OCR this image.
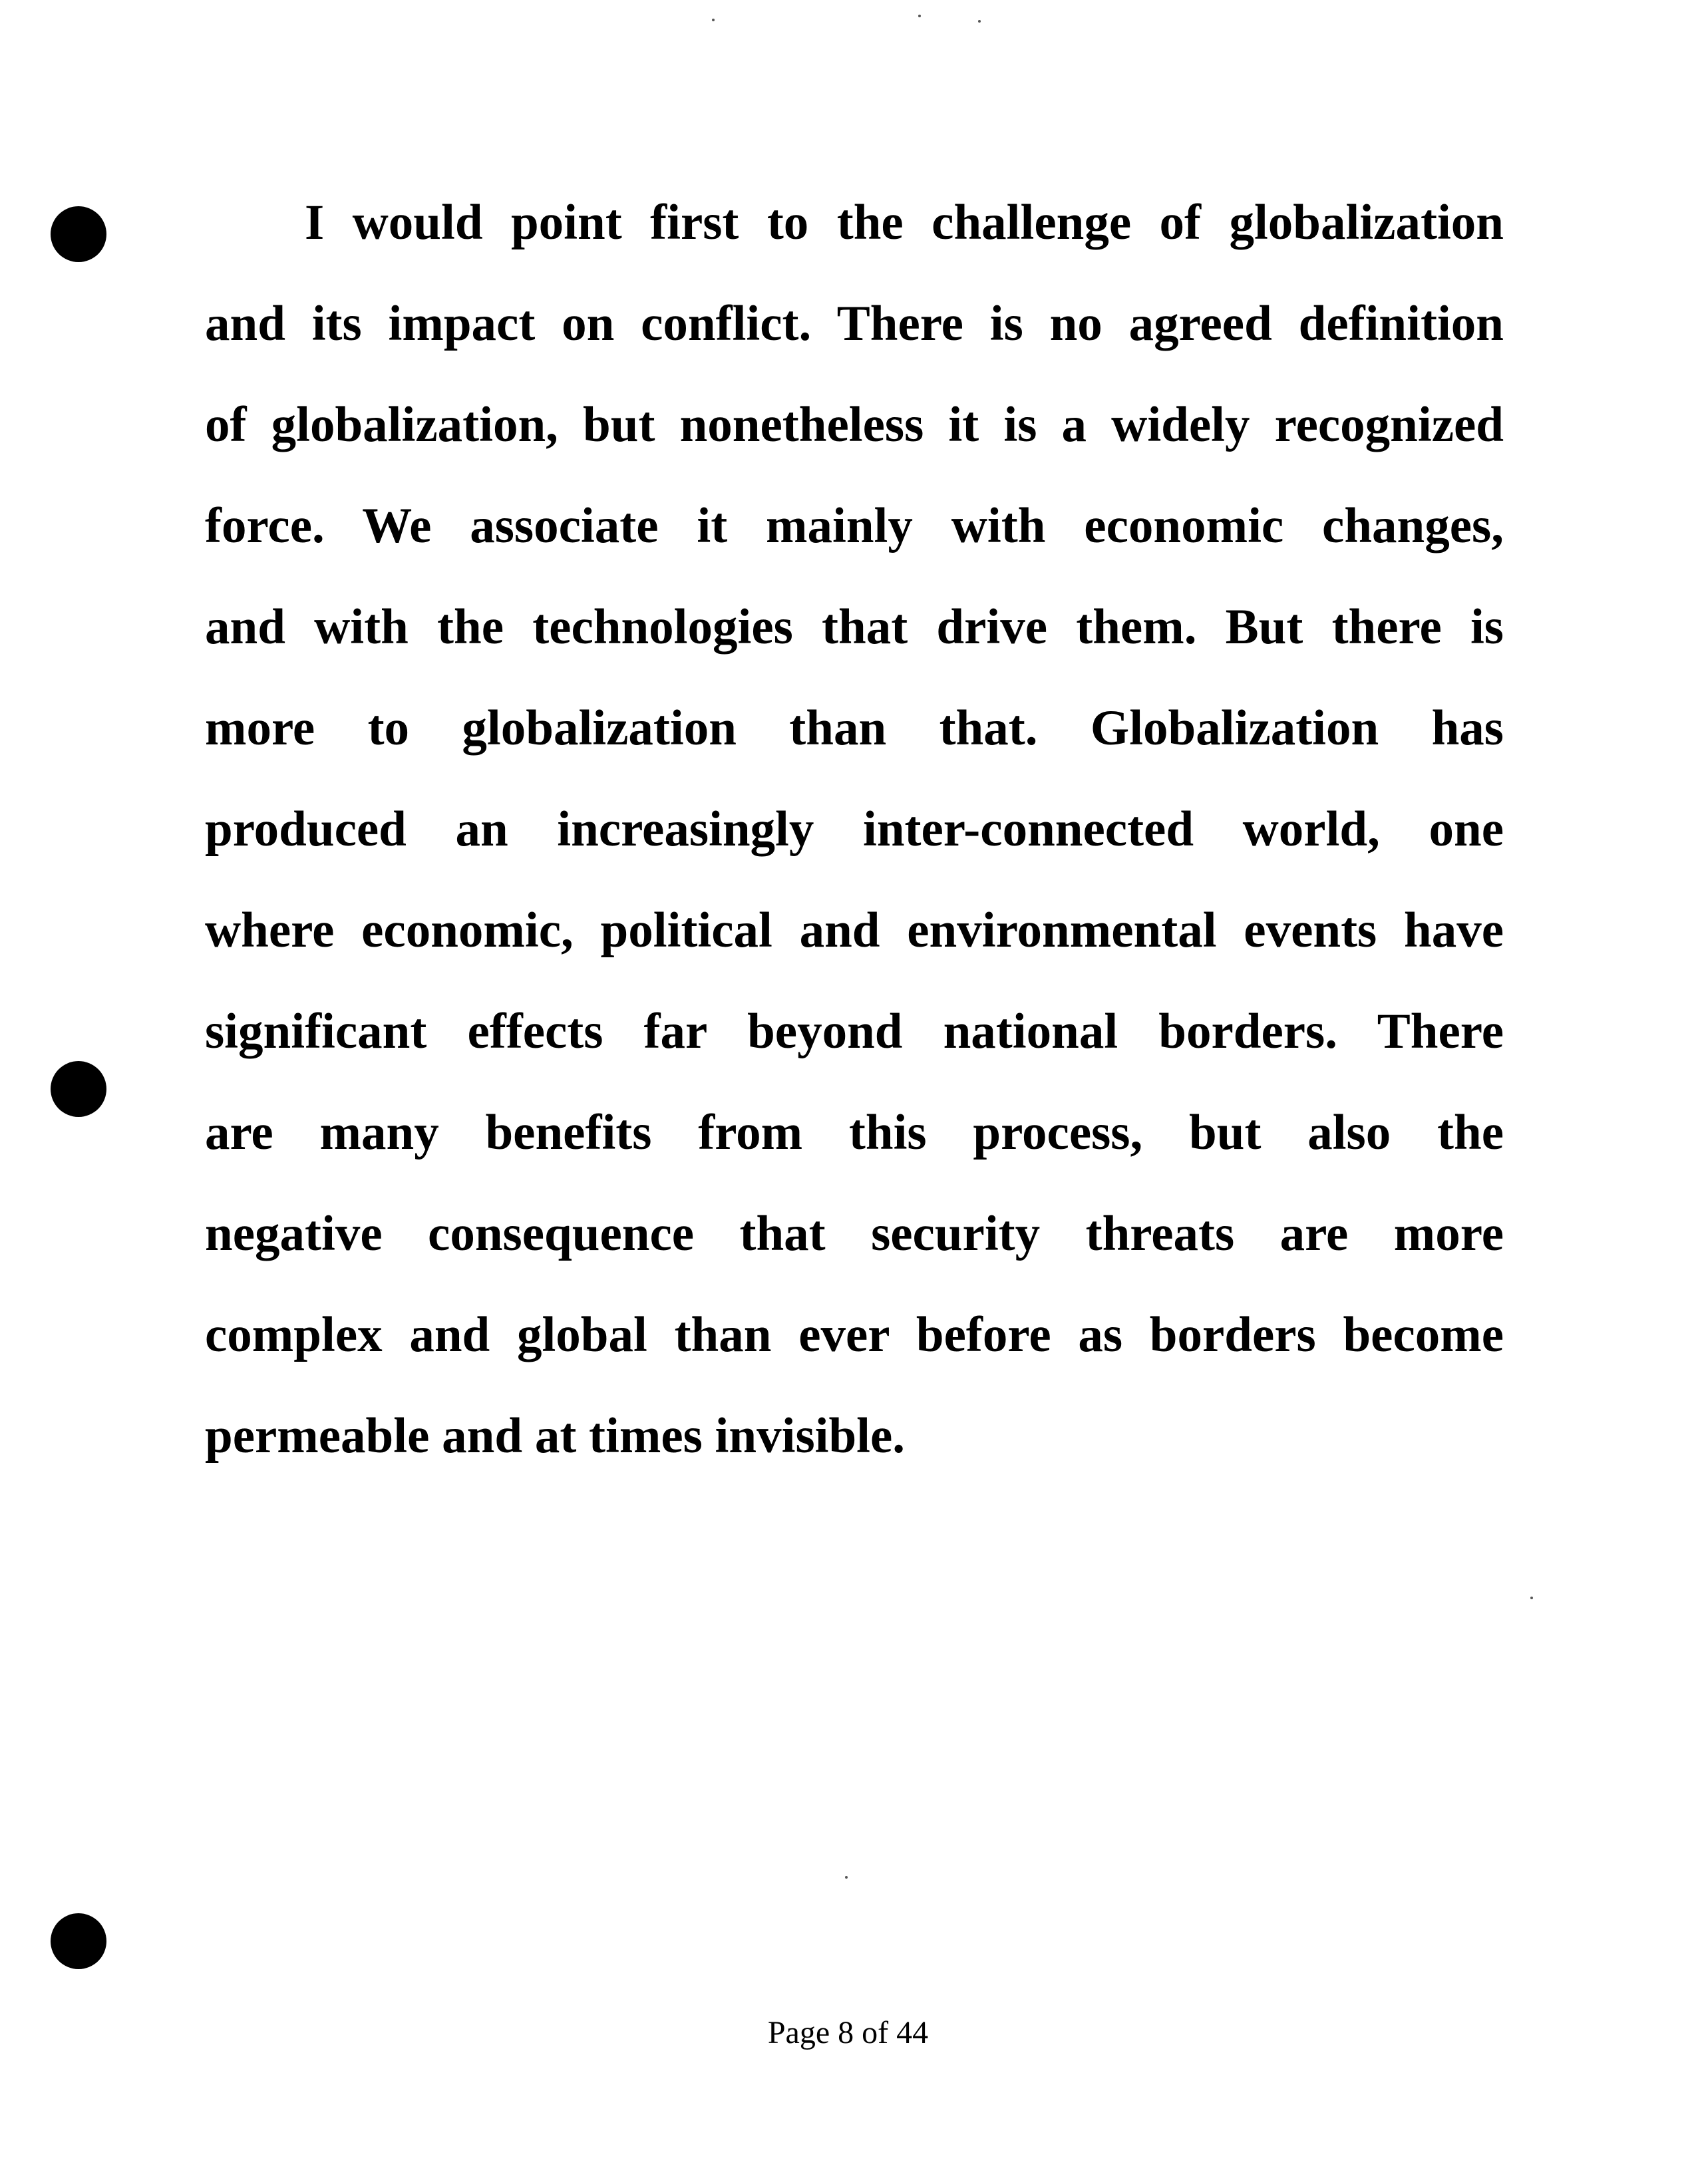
I would point first to the challenge of globalization
and its impact on conflict. There is no agreed definition
of globalization, but nonetheless it is a widely recognized
force. We associate it mainly with economic changes,
and with the technologies that drive them. But there is
more to globalization than that. Globalization has
produced an increasingly inter-connected world, one
where economic, political and environmental events have
significant effects far beyond national borders. There
are many benefits from this process, but also the
negative consequence that security threats are more
complex and global than ever before as borders become
permeable and at times invisible.
Page 8 of 44
